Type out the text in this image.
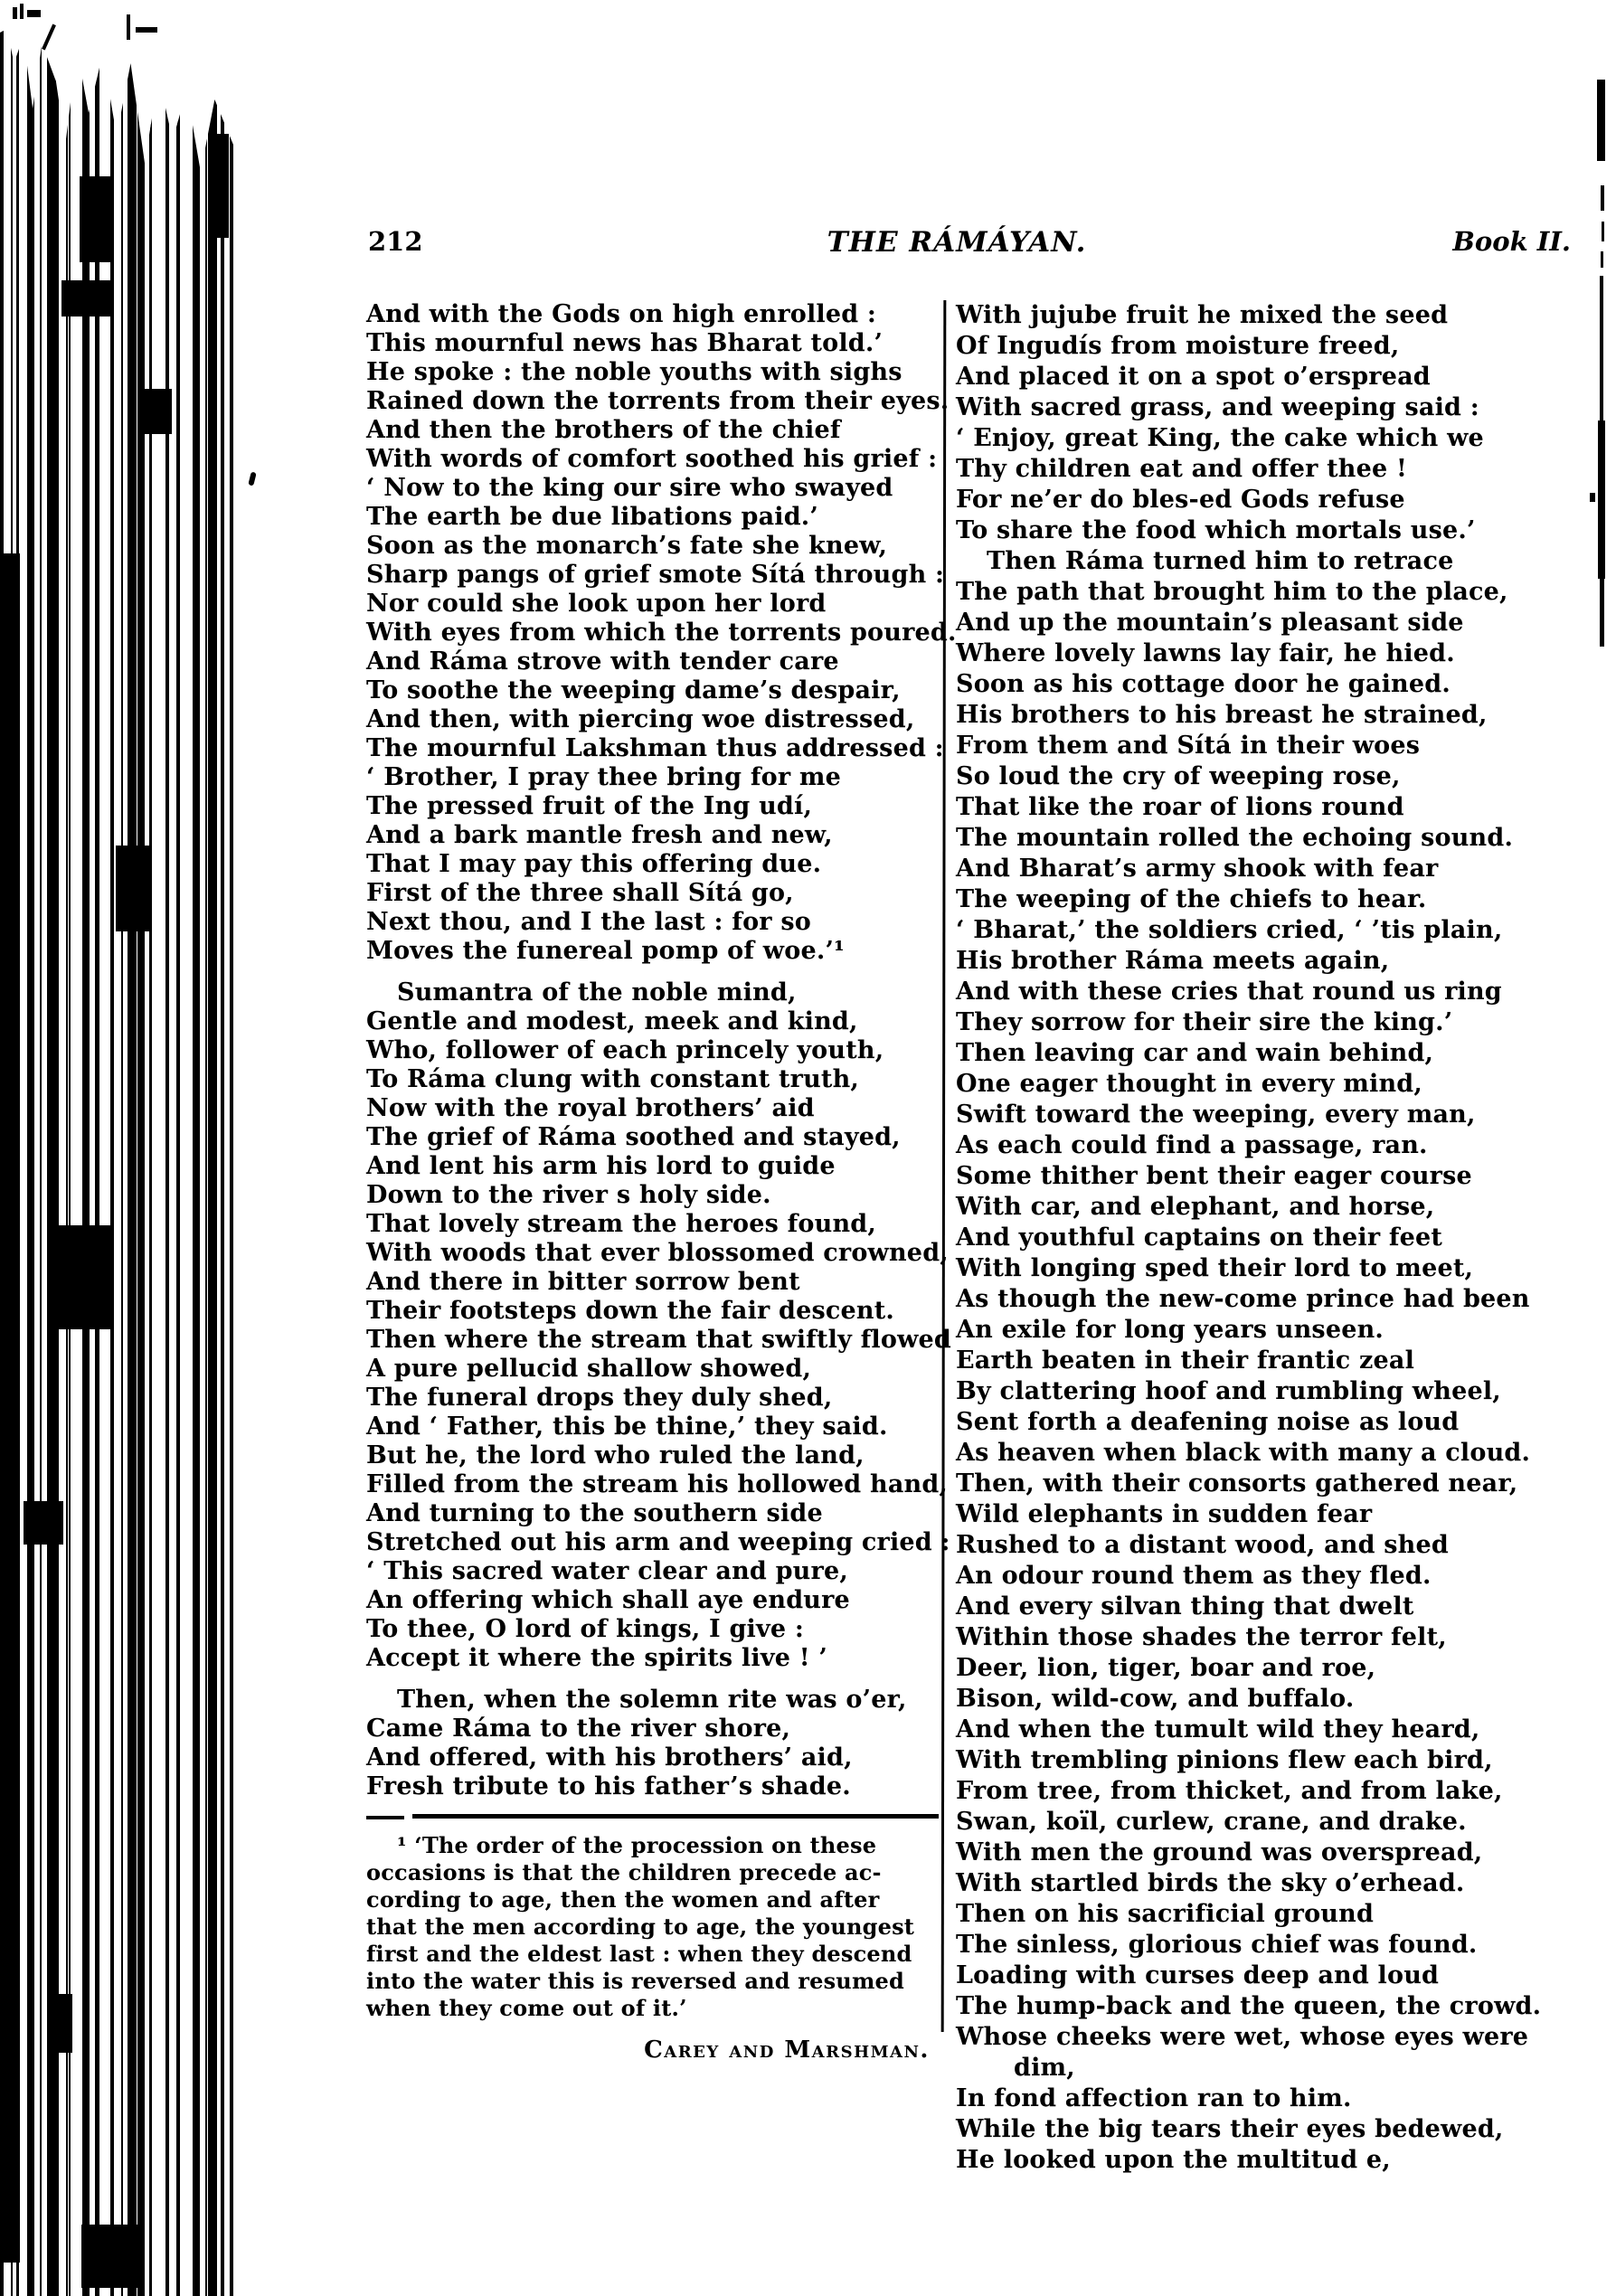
212	THE RÁMÁYAN.	Book II.
And with the Gods on high enrolled :
This mournful news has Bharat told.’
He spoke : the noble youths with sighs
Rained down the torrents from their eyes.
And then the brothers of the chief
With words of comfort soothed his grief :
‘ Now to the king our sire who swayed
The earth be due libations paid.’
Soon as the monarch’s fate she knew,
Sharp pangs of grief smote Sítá through :
Nor could she look upon her lord
With eyes from which the torrents poured.
And Ráma strove with tender care
To soothe the weeping dame’s despair,
And then, with piercing woe distressed,
The mournful Lakshman thus addressed :
‘ Brother, I pray thee bring for me
The pressed fruit of the Ing udí,
And a bark mantle fresh and new,
That I may pay this offering due.
First of the three shall Sítá go,
Next thou, and I the last : for so
Moves the funereal pomp of woe.’¹
Sumantra of the noble mind,
Gentle and modest, meek and kind,
Who, follower of each princely youth,
To Ráma clung with constant truth,
Now with the royal brothers’ aid
The grief of Ráma soothed and stayed,
And lent his arm his lord to guide
Down to the river s holy side.
That lovely stream the heroes found,
With woods that ever blossomed crowned,
And there in bitter sorrow bent
Their footsteps down the fair descent.
Then where the stream that swiftly flowed
A pure pellucid shallow showed,
The funeral drops they duly shed,
And ‘ Father, this be thine,’ they said.
But he, the lord who ruled the land,
Filled from the stream his hollowed hand,
And turning to the southern side
Stretched out his arm and weeping cried :
‘ This sacred water clear and pure,
An offering which shall aye endure
To thee, O lord of kings, I give :
Accept it where the spirits live ! ’
Then, when the solemn rite was o’er,
Came Ráma to the river shore,
And offered, with his brothers’ aid,
Fresh tribute to his father’s shade.
With jujube fruit he mixed the seed
Of Ingudís from moisture freed,
And placed it on a spot o’erspread
With sacred grass, and weeping said :
‘ Enjoy, great King, the cake which we
Thy children eat and offer thee !
For ne’er do bles-ed Gods refuse
To share the food which mortals use.’
Then Ráma turned him to retrace
The path that brought him to the place,
And up the mountain’s pleasant side
Where lovely lawns lay fair, he hied.
Soon as his cottage door he gained.
His brothers to his breast he strained,
From them and Sítá in their woes
So loud the cry of weeping rose,
That like the roar of lions round
The mountain rolled the echoing sound.
And Bharat’s army shook with fear
The weeping of the chiefs to hear.
‘ Bharat,’ the soldiers cried, ‘ ’tis plain,
His brother Ráma meets again,
And with these cries that round us ring
They sorrow for their sire the king.’
Then leaving car and wain behind,
One eager thought in every mind,
Swift toward the weeping, every man,
As each could find a passage, ran.
Some thither bent their eager course
With car, and elephant, and horse,
And youthful captains on their feet
With longing sped their lord to meet,
As though the new-come prince had been
An exile for long years unseen.
Earth beaten in their frantic zeal
By clattering hoof and rumbling wheel,
Sent forth a deafening noise as loud
As heaven when black with many a cloud.
Then, with their consorts gathered near,
Wild elephants in sudden fear
Rushed to a distant wood, and shed
An odour round them as they fled.
And every silvan thing that dwelt
Within those shades the terror felt,
Deer, lion, tiger, boar and roe,
Bison, wild-cow, and buffalo.
And when the tumult wild they heard,
With trembling pinions flew each bird,
From tree, from thicket, and from lake,
Swan, koïl, curlew, crane, and drake.
With men the ground was overspread,
With startled birds the sky o’erhead.
Then on his sacrificial ground
The sinless, glorious chief was found.
Loading with curses deep and loud
The hump-back and the queen, the crowd.
Whose cheeks were wet, whose eyes were
dim,
In fond affection ran to him.
While the big tears their eyes bedewed,
He looked upon the multitud e,
¹ ‘The order of the procession on these
occasions is that the children precede ac-
cording to age, then the women and after
that the men according to age, the youngest
first and the eldest last : when they descend
into the water this is reversed and resumed
when they come out of it.’
Carey and Marshman.
